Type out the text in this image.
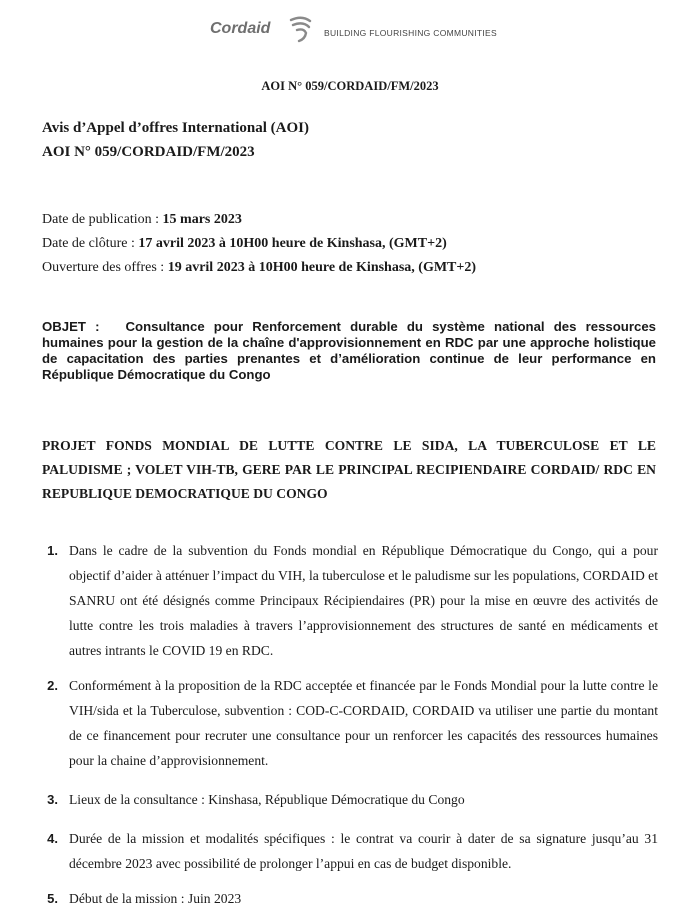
Cordaid	BUILDING FLOURISHING COMMUNITIES
AOI N° 059/CORDAID/FM/2023
Avis d’Appel d’offres International (AOI)
AOI N° 059/CORDAID/FM/2023
Date de publication : 15 mars 2023
Date de clôture : 17 avril 2023 à 10H00 heure de Kinshasa, (GMT+2)
Ouverture des offres : 19 avril 2023 à 10H00 heure de Kinshasa, (GMT+2)
OBJET : Consultance pour Renforcement durable du système national des ressources humaines pour la gestion de la chaîne d'approvisionnement en RDC par une approche holistique de capacitation des parties prenantes et d’amélioration continue de leur performance en République Démocratique du Congo
PROJET FONDS MONDIAL DE LUTTE CONTRE LE SIDA, LA TUBERCULOSE ET LE PALUDISME ; VOLET VIH-TB, GERE PAR LE PRINCIPAL RECIPIENDAIRE CORDAID/ RDC EN REPUBLIQUE DEMOCRATIQUE DU CONGO
1. Dans le cadre de la subvention du Fonds mondial en République Démocratique du Congo, qui a pour objectif d’aider à atténuer l’impact du VIH, la tuberculose et le paludisme sur les populations, CORDAID et SANRU ont été désignés comme Principaux Récipiendaires (PR) pour la mise en œuvre des activités de lutte contre les trois maladies à travers l’approvisionnement des structures de santé en médicaments et autres intrants le COVID 19 en RDC.
2. Conformément à la proposition de la RDC acceptée et financée par le Fonds Mondial pour la lutte contre le VIH/sida et la Tuberculose, subvention : COD-C-CORDAID, CORDAID va utiliser une partie du montant de ce financement pour recruter une consultance pour un renforcer les capacités des ressources humaines pour la chaine d’approvisionnement.
3. Lieux de la consultance : Kinshasa, République Démocratique du Congo
4. Durée de la mission et modalités spécifiques : le contrat va courir à dater de sa signature jusqu’au 31 décembre 2023 avec possibilité de prolonger l’appui en cas de budget disponible.
5. Début de la mission : Juin 2023
